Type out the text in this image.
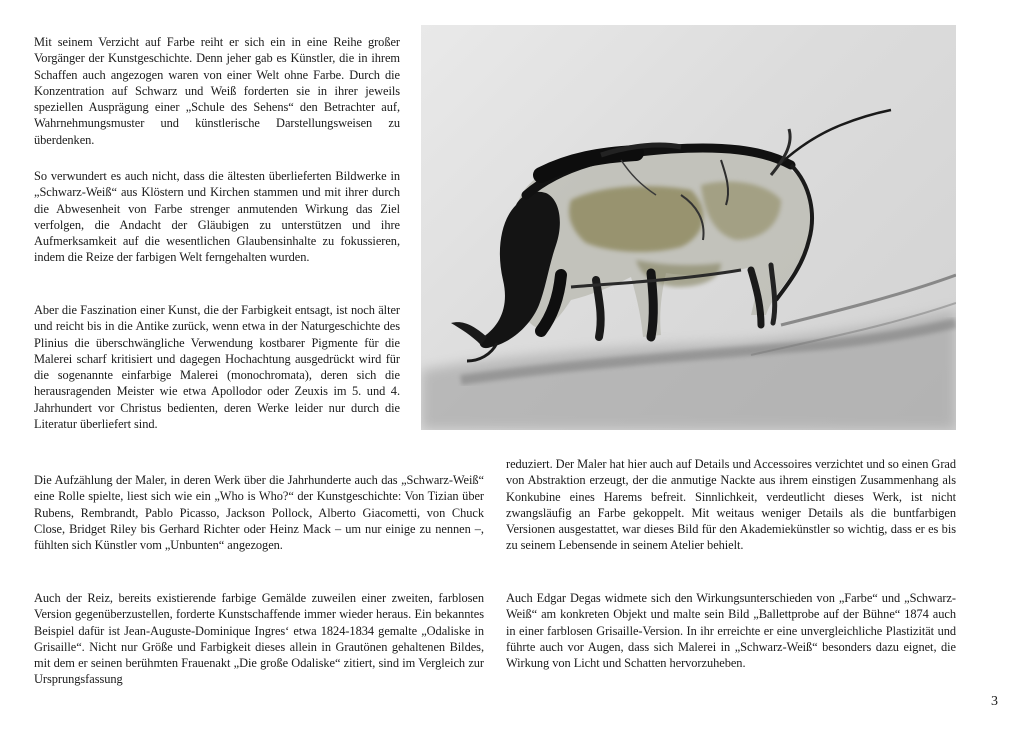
Mit seinem Verzicht auf Farbe reiht er sich ein in eine Reihe großer Vorgänger der Kunstgeschichte. Denn jeher gab es Künstler, die in ihrem Schaffen auch angezogen waren von einer Welt ohne Farbe. Durch die Konzentration auf Schwarz und Weiß forderten sie in ihrer jeweils speziellen Ausprägung einer „Schule des Sehens“ den Betrachter auf, Wahrnehmungsmuster und künstlerische Darstellungsweisen zu überdenken.

So verwundert es auch nicht, dass die ältesten überlieferten Bildwerke in „Schwarz-Weiß“ aus Klöstern und Kirchen stammen und mit ihrer durch die Abwesenheit von Farbe strenger anmutenden Wirkung das Ziel verfolgen, die Andacht der Gläubigen zu unterstützen und ihre Aufmerksamkeit auf die wesentlichen Glaubensinhalte zu fokussieren, indem die Reize der farbigen Welt ferngehalten wurden.

Aber die Faszination einer Kunst, die der Farbigkeit entsagt, ist noch älter und reicht bis in die Antike zurück, wenn etwa in der Naturgeschichte des Plinius die überschwängliche Verwendung kostbarer Pigmente für die Malerei scharf kritisiert und dagegen Hochachtung ausgedrückt wird für die sogenannte einfarbige Malerei (monochromata), deren sich die herausragenden Meister wie etwa Apollodor oder Zeuxis im 5. und 4. Jahrhundert vor Christus bedienten, deren Werke leider nur durch die Literatur überliefert sind.

Die Aufzählung der Maler, in deren Werk über die Jahrhunderte auch das „Schwarz-Weiß“ eine Rolle spielte, liest sich wie ein „Who is Who?“ der Kunstgeschichte: Von Tizian über Rubens, Rembrandt, Pablo Picasso, Jackson Pollock, Alberto Giacometti, von Chuck Close, Bridget Riley bis Gerhard Richter oder Heinz Mack – um nur einige zu nennen –, fühlten sich Künstler vom „Unbunten“ angezogen.

Auch der Reiz, bereits existierende farbige Gemälde zuweilen einer zweiten, farblosen Version gegenüberzustellen, forderte Kunstschaffende immer wieder heraus. Ein bekanntes Beispiel dafür ist Jean-Auguste-Dominique Ingres‘ etwa 1824-1834 gemalte „Odaliske in Grisaille“. Nicht nur Größe und Farbigkeit dieses allein in Grautönen gehaltenen Bildes, mit dem er seinen berühmten Frauenakt „Die große Odaliske“ zitiert, sind im Vergleich zur Ursprungsfassung

reduziert. Der Maler hat hier auch auf Details und Accessoires verzichtet und so einen Grad von Abstraktion erzeugt, der die anmutige Nackte aus ihrem einstigen Zusammenhang als Konkubine eines Harems befreit. Sinnlichkeit, verdeutlicht dieses Werk, ist nicht zwangsläufig an Farbe gekoppelt. Mit weitaus weniger Details als die buntfarbigen Versionen ausgestattet, war dieses Bild für den Akademiekünstler so wichtig, dass er es bis zu seinem Lebensende in seinem Atelier behielt.

Auch Edgar Degas widmete sich den Wirkungsunterschieden von „Farbe“ und „Schwarz-Weiß“ am konkreten Objekt und malte sein Bild „Ballettprobe auf der Bühne“ 1874 auch in einer farblosen Grisaille-Version. In ihr erreichte er eine unvergleichliche Plastizität und führte auch vor Augen, dass sich Malerei in „Schwarz-Weiß“ besonders dazu eignet, die Wirkung von Licht und Schatten hervorzuheben.

3
